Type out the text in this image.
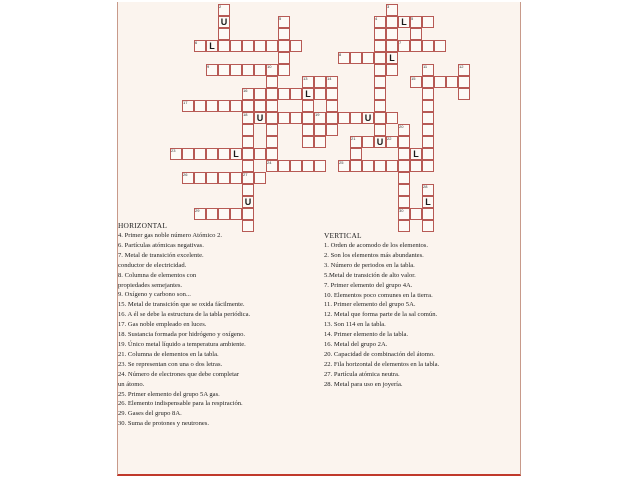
U
L
L
U	L
L
L
U	U
U
L	L
2	3
5	4	5
6	7
8
9	10	11	12
13	14	15
16
17
18	19
20
21	22
23
24	25
26	27
28
29	30
HORIZONTAL
4. Primer gas noble número Atómico 2.
6. Partículas atómicas negativas.
7. Metal de transición excelente.
conductor de electricidad.
8. Columna de elementos con
propiedades semejantes.
9. Oxígeno y carbono son...
15. Metal de transición que se oxida fácilmente.
16. A él se debe la estructura de la tabla periódica.
17. Gas noble empleado en luces.
18. Sustancia formada por hidrógeno y oxígeno.
19. Único metal líquido a temperatura ambiente.
21. Columna de elementos en la tabla.
23. Se representan con una o dos letras.
24. Número de electrones que debe completar
un átomo.
25. Primer elemento del grupo 5A gas.
26. Elemento indispensable para la respiración.
29. Gases del grupo 8A.
30. Suma de protones y neutrones.
VERTICAL
1. Orden de acomodo de los elementos.
2. Son los elementos más abundantes.
3. Número de periodos en la tabla.
5.Metal de transición de alto valor.
7. Primer elemento del grupo 4A.
10. Elementos poco comunes en la tierra.
11. Primer elemento del grupo 5A.
12. Metal que forma parte de la sal común.
13. Son 114 en la tabla.
14. Primer elemento de la tabla.
16. Metal del grupo 2A.
20. Capacidad de combinación del átomo.
22. Fila horizontal de elementos en la tabla.
27. Partícula atómica neutra.
28. Metal para uso en joyería.
